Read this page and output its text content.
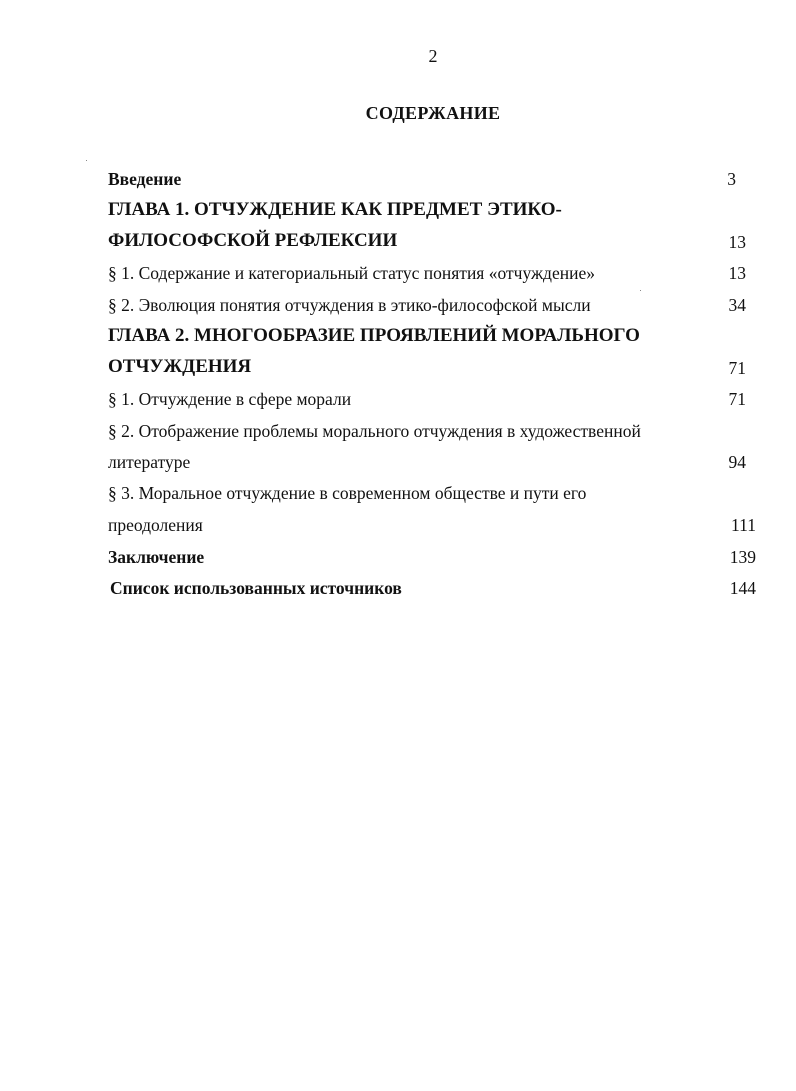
2
СОДЕРЖАНИЕ
Введение	3
ГЛАВА 1. ОТЧУЖДЕНИЕ КАК ПРЕДМЕТ ЭТИКО-
ФИЛОСОФСКОЙ РЕФЛЕКСИИ	13
§ 1. Содержание и категориальный статус понятия «отчуждение»	13
§ 2. Эволюция понятия отчуждения в этико-философской мысли	34
ГЛАВА 2. МНОГООБРАЗИЕ ПРОЯВЛЕНИЙ МОРАЛЬНОГО
ОТЧУЖДЕНИЯ	71
§ 1. Отчуждение в сфере морали	71
§ 2. Отображение проблемы морального отчуждения в художественной
литературе	94
§ 3. Моральное отчуждение в современном обществе и пути его
преодоления	111
Заключение	139
Список использованных источников	144
